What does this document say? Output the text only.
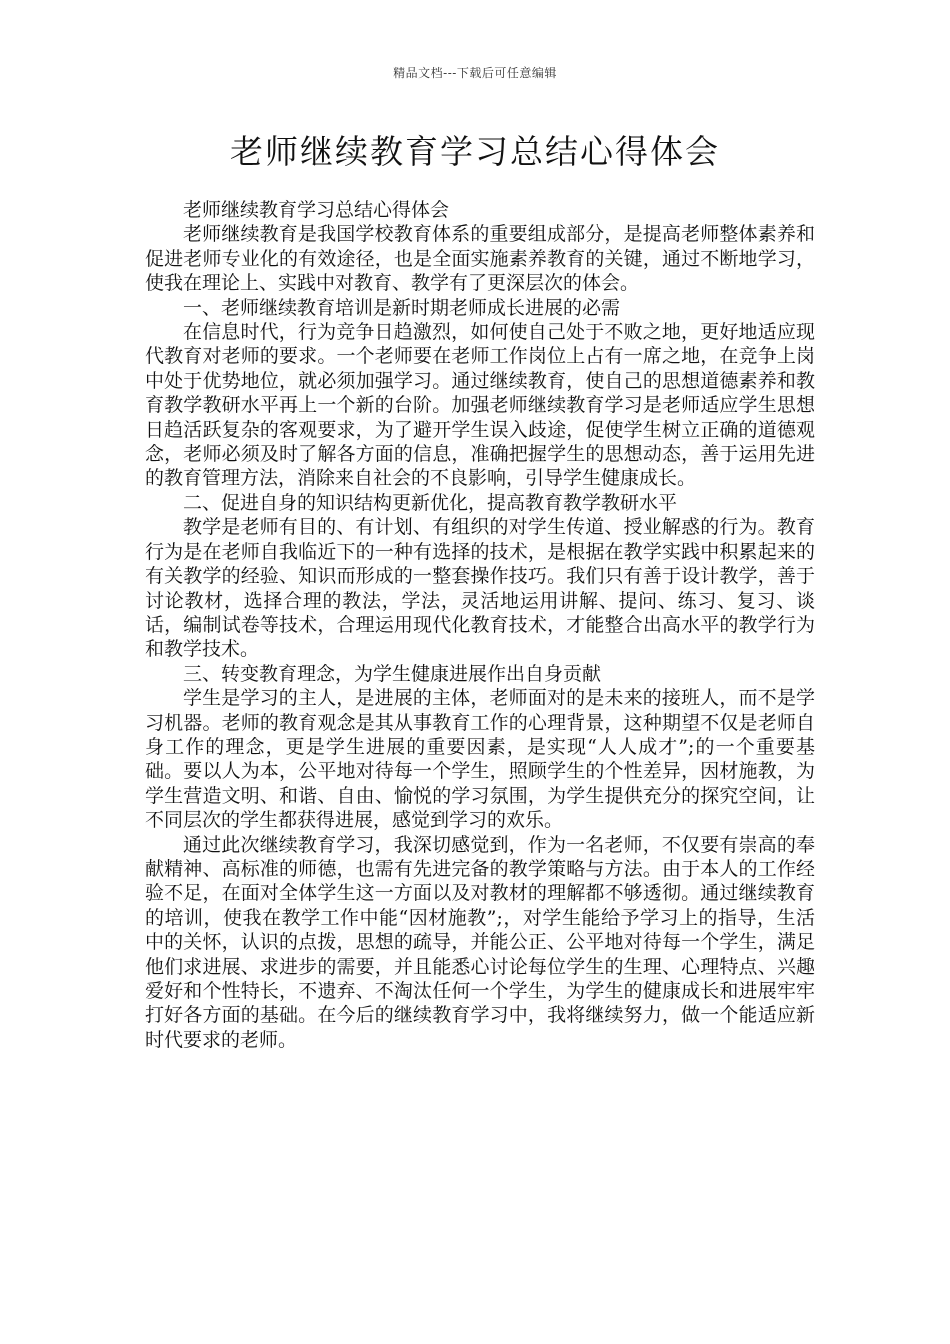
精品文档---下载后可任意编辑
老师继续教育学习总结心得体会

老师继续教育学习总结心得体会

老师继续教育是我国学校教育体系的重要组成部分，是提高老师整体素养和促进老师专业化的有效途径，也是全面实施素养教育的关键，通过不断地学习，使我在理论上、实践中对教育、教学有了更深层次的体会。

一、老师继续教育培训是新时期老师成长进展的必需

在信息时代，行为竞争日趋激烈，如何使自己处于不败之地，更好地适应现代教育对老师的要求。一个老师要在老师工作岗位上占有一席之地，在竞争上岗中处于优势地位，就必须加强学习。通过继续教育，使自己的思想道德素养和教育教学教研水平再上一个新的台阶。加强老师继续教育学习是老师适应学生思想日趋活跃复杂的客观要求，为了避开学生误入歧途，促使学生树立正确的道德观念，老师必须及时了解各方面的信息，准确把握学生的思想动态，善于运用先进的教育管理方法，消除来自社会的不良影响，引导学生健康成长。

二、促进自身的知识结构更新优化，提高教育教学教研水平

教学是老师有目的、有计划、有组织的对学生传道、授业解惑的行为。教育行为是在老师自我临近下的一种有选择的技术，是根据在教学实践中积累起来的有关教学的经验、知识而形成的一整套操作技巧。我们只有善于设计教学，善于讨论教材，选择合理的教法，学法，灵活地运用讲解、提问、练习、复习、谈话，编制试卷等技术，合理运用现代化教育技术，才能整合出高水平的教学行为和教学技术。

三、转变教育理念，为学生健康进展作出自身贡献

学生是学习的主人，是进展的主体，老师面对的是未来的接班人，而不是学习机器。老师的教育观念是其从事教育工作的心理背景，这种期望不仅是老师自身工作的理念，更是学生进展的重要因素，是实现“人人成才”;的一个重要基础。要以人为本，公平地对待每一个学生，照顾学生的个性差异，因材施教，为学生营造文明、和谐、自由、愉悦的学习氛围，为学生提供充分的探究空间，让不同层次的学生都获得进展，感觉到学习的欢乐。

通过此次继续教育学习，我深切感觉到，作为一名老师，不仅要有崇高的奉献精神、高标准的师德，也需有先进完备的教学策略与方法。由于本人的工作经验不足，在面对全体学生这一方面以及对教材的理解都不够透彻。通过继续教育的培训，使我在教学工作中能“因材施教”;，对学生能给予学习上的指导，生活中的关怀，认识的点拨，思想的疏导，并能公正、公平地对待每一个学生，满足他们求进展、求进步的需要，并且能悉心讨论每位学生的生理、心理特点、兴趣爱好和个性特长，不遗弃、不淘汰任何一个学生，为学生的健康成长和进展牢牢打好各方面的基础。在今后的继续教育学习中，我将继续努力，做一个能适应新时代要求的老师。
